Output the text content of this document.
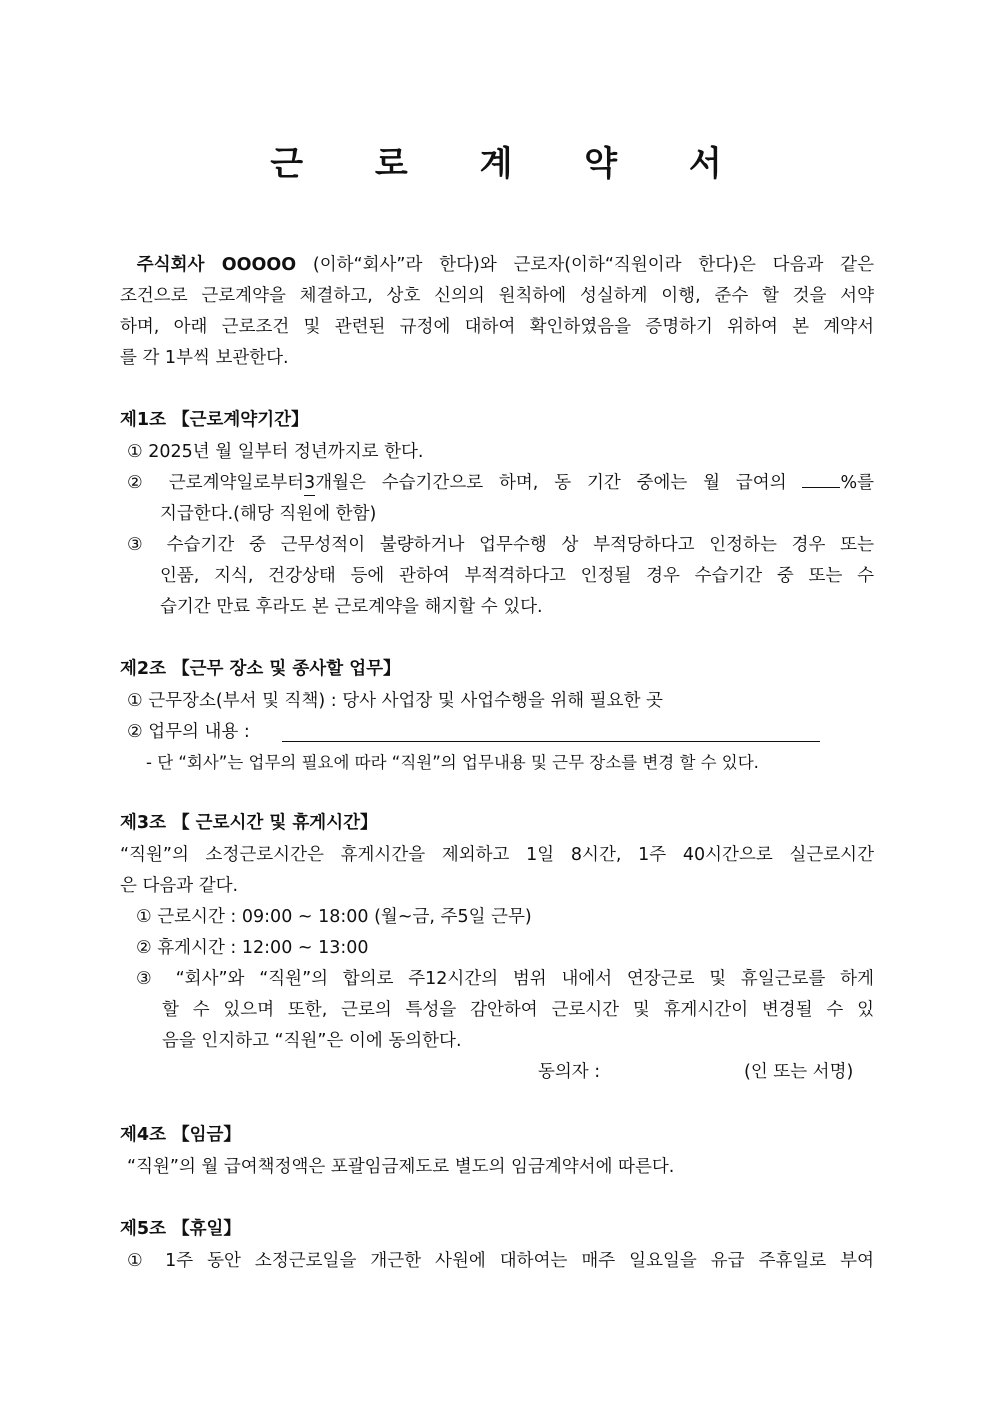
근 로 계 약 서
주식회사 OOOOO (이하“회사”라 한다)와 근로자(이하“직원이라 한다)은 다음과 같은
조건으로 근로계약을 체결하고, 상호 신의의 원칙하에 성실하게 이행, 준수 할 것을 서약
하며, 아래 근로조건 및 관련된 규정에 대하여 확인하였음을 증명하기 위하여 본 계약서
를 각 1부씩 보관한다.
제1조 【근로계약기간】
① 2025년 월 일부터 정년까지로 한다.
② 근로계약일로부터3개월은 수습기간으로 하며, 동 기간 중에는 월 급여의	%를
지급한다.(해당 직원에 한함)
③ 수습기간 중 근무성적이 불량하거나 업무수행 상 부적당하다고 인정하는 경우 또는
인품, 지식, 건강상태 등에 관하여 부적격하다고 인정될 경우 수습기간 중 또는 수
습기간 만료 후라도 본 근로계약을 해지할 수 있다.
제2조 【근무 장소 및 종사할 업무】
① 근무장소(부서 및 직책) : 당사 사업장 및 사업수행을 위해 필요한 곳
② 업무의 내용 :
- 단 “회사”는 업무의 필요에 따라 “직원”의 업무내용 및 근무 장소를 변경 할 수 있다.
제3조 【 근로시간 및 휴게시간】
“직원”의 소정근로시간은 휴게시간을 제외하고 1일 8시간, 1주 40시간으로 실근로시간
은 다음과 같다.
① 근로시간 : 09:00 ~ 18:00 (월~금, 주5일 근무)
② 휴게시간 : 12:00 ~ 13:00
③ “회사”와 “직원”의 합의로 주12시간의 범위 내에서 연장근로 및 휴일근로를 하게
할 수 있으며 또한, 근로의 특성을 감안하여 근로시간 및 휴게시간이 변경될 수 있
음을 인지하고 “직원”은 이에 동의한다.
동의자 :	(인 또는 서명)
제4조 【임금】
“직원”의 월 급여책정액은 포괄임금제도로 별도의 임금계약서에 따른다.
제5조 【휴일】
① 1주 동안 소정근로일을 개근한 사원에 대하여는 매주 일요일을 유급 주휴일로 부여
